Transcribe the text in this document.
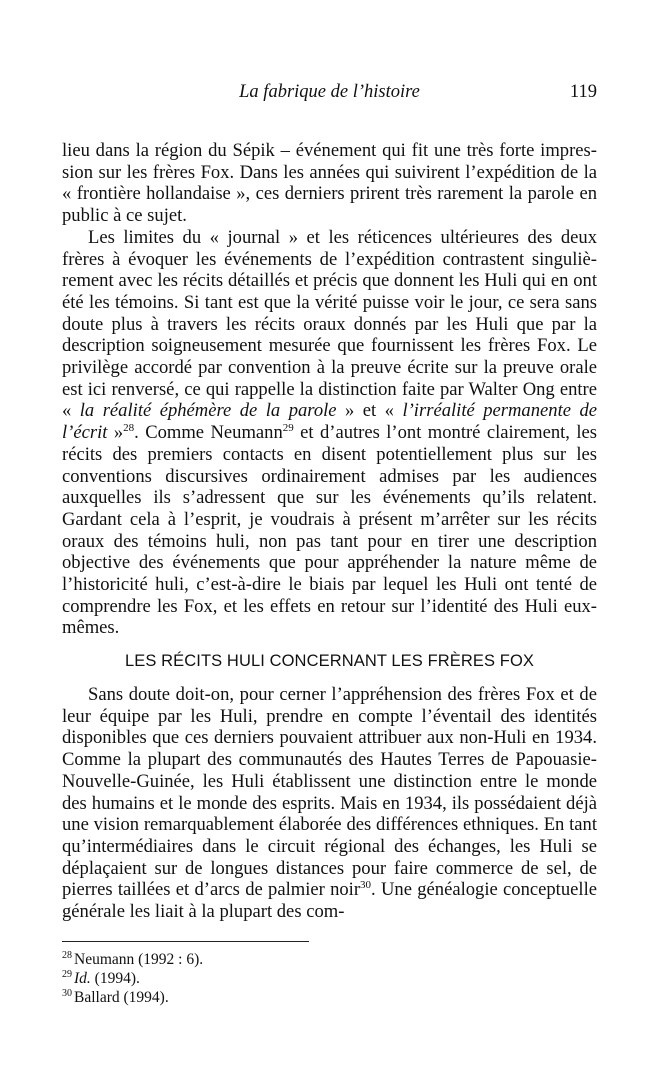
La fabrique de l’histoire	119

lieu dans la région du Sépik – événement qui fit une très forte impression sur les frères Fox. Dans les années qui suivirent l’expédition de la « frontière hollandaise », ces derniers prirent très rarement la parole en public à ce sujet.

Les limites du « journal » et les réticences ultérieures des deux frères à évoquer les événements de l’expédition contrastent singulièrement avec les récits détaillés et précis que donnent les Huli qui en ont été les témoins. Si tant est que la vérité puisse voir le jour, ce sera sans doute plus à travers les récits oraux donnés par les Huli que par la description soigneusement mesurée que fournissent les frères Fox. Le privilège accordé par convention à la preuve écrite sur la preuve orale est ici renversé, ce qui rappelle la distinction faite par Walter Ong entre « la réalité éphémère de la parole » et « l’irréalité permanente de l’écrit »$^{28}$. Comme Neumann$^{29}$ et d’autres l’ont montré clairement, les récits des premiers contacts en disent potentiellement plus sur les conventions discursives ordinairement admises par les audiences auxquelles ils s’adressent que sur les événements qu’ils relatent. Gardant cela à l’esprit, je voudrais à présent m’arrêter sur les récits oraux des témoins huli, non pas tant pour en tirer une description objective des événements que pour appréhender la nature même de l’historicité huli, c’est-à-dire le biais par lequel les Huli ont tenté de comprendre les Fox, et les effets en retour sur l’identité des Huli eux-mêmes.

LES RÉCITS HULI CONCERNANT LES FRÈRES FOX

Sans doute doit-on, pour cerner l’appréhension des frères Fox et de leur équipe par les Huli, prendre en compte l’éventail des identités disponibles que ces derniers pouvaient attribuer aux non-Huli en 1934. Comme la plupart des communautés des Hautes Terres de Papouasie-Nouvelle-Guinée, les Huli établissent une distinction entre le monde des humains et le monde des esprits. Mais en 1934, ils possédaient déjà une vision remarquablement élaborée des différences ethniques. En tant qu’intermédiaires dans le circuit régional des échanges, les Huli se déplaçaient sur de longues distances pour faire commerce de sel, de pierres taillées et d’arcs de palmier noir$^{30}$. Une généalogie conceptuelle générale les liait à la plupart des com-

$^{28}$ Neumann (1992 : 6).
$^{29}$ Id. (1994).
$^{30}$ Ballard (1994).
